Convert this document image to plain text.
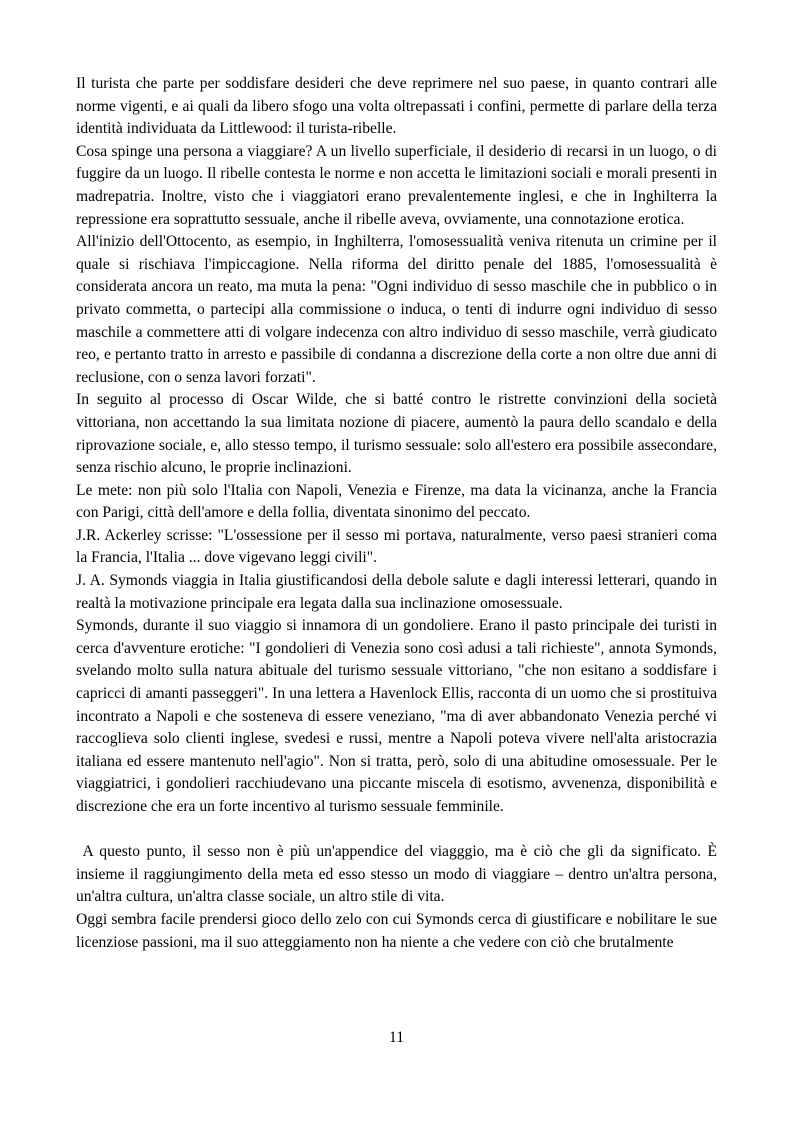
Il turista che parte per soddisfare desideri che deve reprimere nel suo paese, in quanto contrari alle norme vigenti, e ai quali da libero sfogo una volta oltrepassati i confini, permette di parlare della terza identità individuata da Littlewood: il turista-ribelle.

Cosa spinge una persona a viaggiare? A un livello superficiale, il desiderio di recarsi in un luogo, o di fuggire da un luogo. Il ribelle contesta le norme e non accetta le limitazioni sociali e morali presenti in madrepatria. Inoltre, visto che i viaggiatori erano prevalentemente inglesi, e che in Inghilterra la repressione era soprattutto sessuale, anche il ribelle aveva, ovviamente, una connotazione erotica.

All'inizio dell'Ottocento, as esempio, in Inghilterra, l'omosessualità veniva ritenuta un crimine per il quale si rischiava l'impiccagione. Nella riforma del diritto penale del 1885, l'omosessualità è considerata ancora un reato, ma muta la pena: "Ogni individuo di sesso maschile che in pubblico o in privato commetta, o partecipi alla commissione o induca, o tenti di indurre ogni individuo di sesso maschile a commettere atti di volgare indecenza con altro individuo di sesso maschile, verrà giudicato reo, e pertanto tratto in arresto e passibile di condanna a discrezione della corte a non oltre due anni di reclusione, con o senza lavori forzati".

In seguito al processo di Oscar Wilde, che si batté contro le ristrette convinzioni della società vittoriana, non accettando la sua limitata nozione di piacere, aumentò la paura dello scandalo e della riprovazione sociale, e, allo stesso tempo, il turismo sessuale: solo all'estero era possibile assecondare, senza rischio alcuno, le proprie inclinazioni.

Le mete: non più solo l'Italia con Napoli, Venezia e Firenze, ma data la vicinanza, anche la Francia con Parigi, città dell'amore e della follia, diventata sinonimo del peccato.

J.R. Ackerley scrisse: "L'ossessione per il sesso mi portava, naturalmente, verso paesi stranieri coma la Francia, l'Italia ... dove vigevano leggi civili".

J. A. Symonds viaggia in Italia giustificandosi della debole salute e dagli interessi letterari, quando in realtà la motivazione principale era legata dalla sua inclinazione omosessuale.

Symonds, durante il suo viaggio si innamora di un gondoliere. Erano il pasto principale dei turisti in cerca d'avventure erotiche: "I gondolieri di Venezia sono così adusi a tali richieste", annota Symonds, svelando molto sulla natura abituale del turismo sessuale vittoriano, "che non esitano a soddisfare i capricci di amanti passeggeri". In una lettera a Havenlock Ellis, racconta di un uomo che si prostituiva incontrato a Napoli e che sosteneva di essere veneziano, "ma di aver abbandonato Venezia perché vi raccoglieva solo clienti inglese, svedesi e russi, mentre a Napoli poteva vivere nell'alta aristocrazia italiana ed essere mantenuto nell'agio". Non si tratta, però, solo di una abitudine omosessuale. Per le viaggiatrici, i gondolieri racchiudevano una piccante miscela di esotismo, avvenenza, disponibilità e discrezione che era un forte incentivo al turismo sessuale femminile.

A questo punto, il sesso non è più un'appendice del viagggio, ma è ciò che gli da significato. È insieme il raggiungimento della meta ed esso stesso un modo di viaggiare – dentro un'altra persona, un'altra cultura, un'altra classe sociale, un altro stile di vita.

Oggi sembra facile prendersi gioco dello zelo con cui Symonds cerca di giustificare e nobilitare le sue licenziose passioni, ma il suo atteggiamento non ha niente a che vedere con ciò che brutalmente

11
